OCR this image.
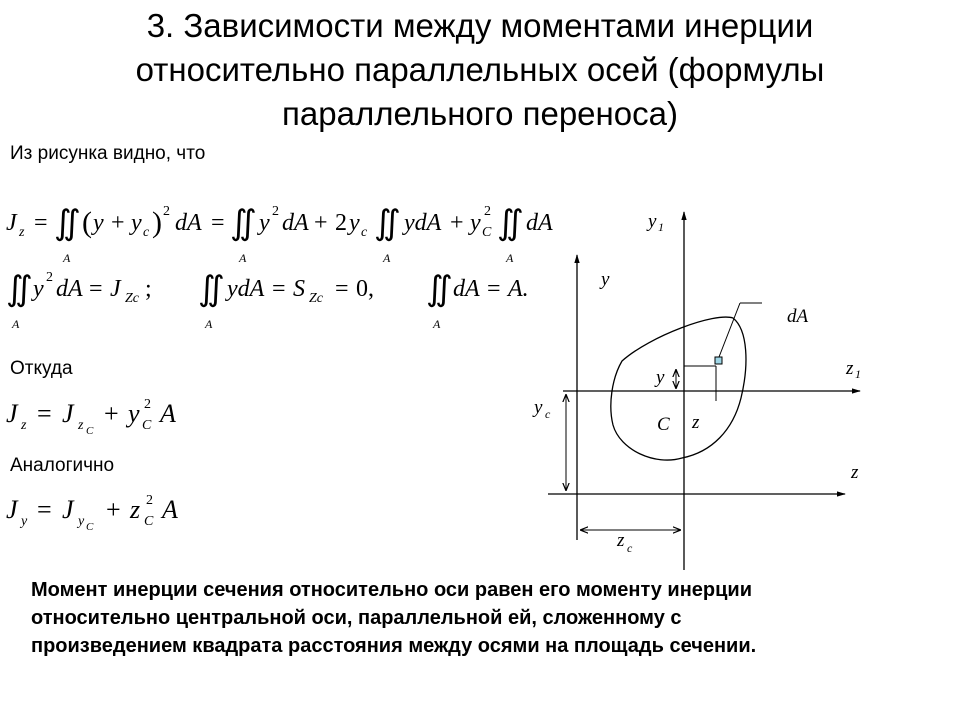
3. Зависимости между моментами инерции
относительно параллельных осей (формулы
параллельного переноса)
Из рисунка видно, что
Откуда
Аналогично
J z = ∬
A
( y + y c ) 2 dA = ∬
A
y 2 dA + 2 y c ∬
A
ydA + y C
2 ∬
A
dA
∬
A
y 2 dA = J Zc ; ∬
A
ydA = S Zc = 0, ∬
A
dA = A.
J z = J z C
+ y C
2 A
J y = J y C
+ z C
2 A
y 1
y
dA
z 1
y
C z
y c
z
z c
Момент инерции сечения относительно оси равен его моменту инерции
относительно центральной оси, параллельной ей, сложенному с
произведением квадрата расстояния между осями на площадь сечении.
